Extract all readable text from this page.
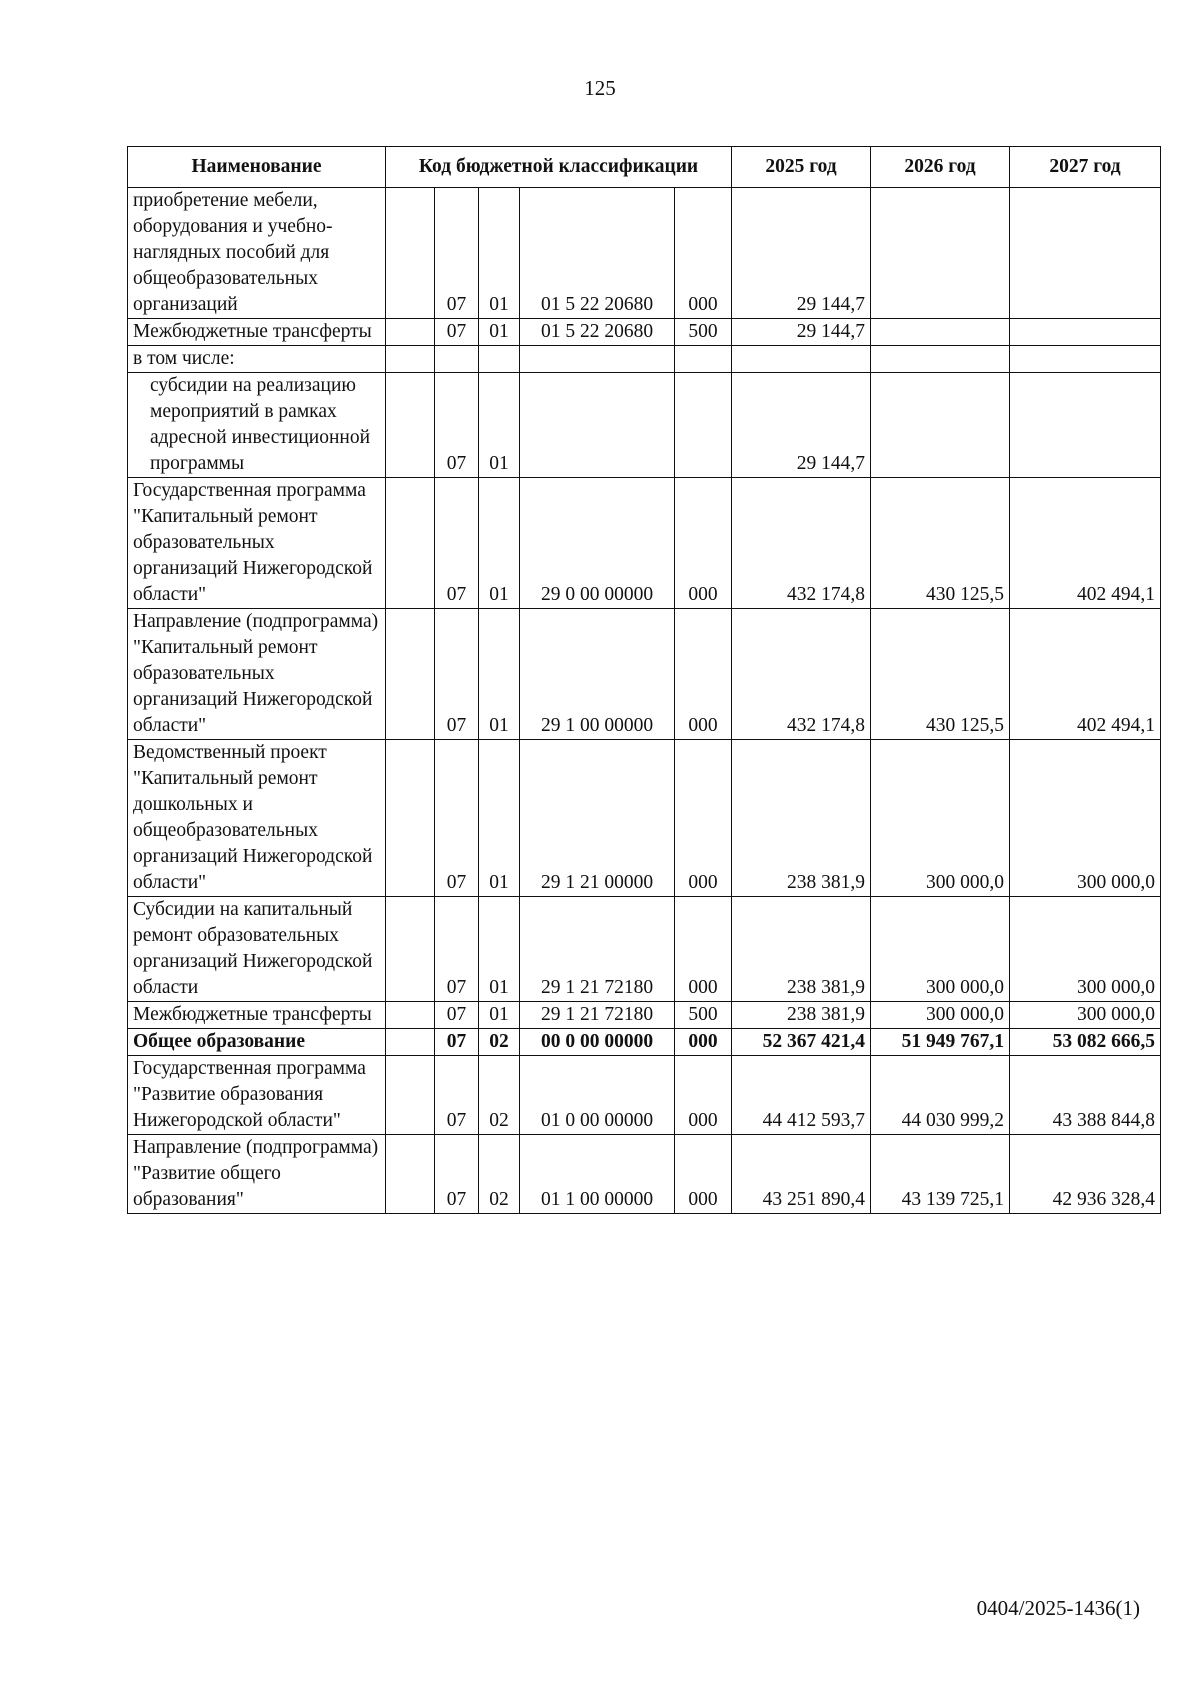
125
Наименование	Код бюджетной классификации					2025 год	2026 год	2027 год
приобретение мебели, оборудования и учебно-наглядных пособий для общеобразовательных организаций		07	01	01 5 22 20680	000	29 144,7		
Межбюджетные трансферты		07	01	01 5 22 20680	500	29 144,7		
в том числе:								
субсидии на реализацию мероприятий в рамках адресной инвестиционной программы		07	01			29 144,7		
Государственная программа "Капитальный ремонт образовательных организаций Нижегородской области"		07	01	29 0 00 00000	000	432 174,8	430 125,5	402 494,1
Направление (подпрограмма) "Капитальный ремонт образовательных организаций Нижегородской области"		07	01	29 1 00 00000	000	432 174,8	430 125,5	402 494,1
Ведомственный проект "Капитальный ремонт дошкольных и общеобразовательных организаций Нижегородской области"		07	01	29 1 21 00000	000	238 381,9	300 000,0	300 000,0
Субсидии на капитальный ремонт образовательных организаций Нижегородской области		07	01	29 1 21 72180	000	238 381,9	300 000,0	300 000,0
Межбюджетные трансферты		07	01	29 1 21 72180	500	238 381,9	300 000,0	300 000,0
Общее образование		07	02	00 0 00 00000	000	52 367 421,4	51 949 767,1	53 082 666,5
Государственная программа "Развитие образования Нижегородской области"		07	02	01 0 00 00000	000	44 412 593,7	44 030 999,2	43 388 844,8
Направление (подпрограмма) "Развитие общего образования"		07	02	01 1 00 00000	000	43 251 890,4	43 139 725,1	42 936 328,4
0404/2025-1436(1)
